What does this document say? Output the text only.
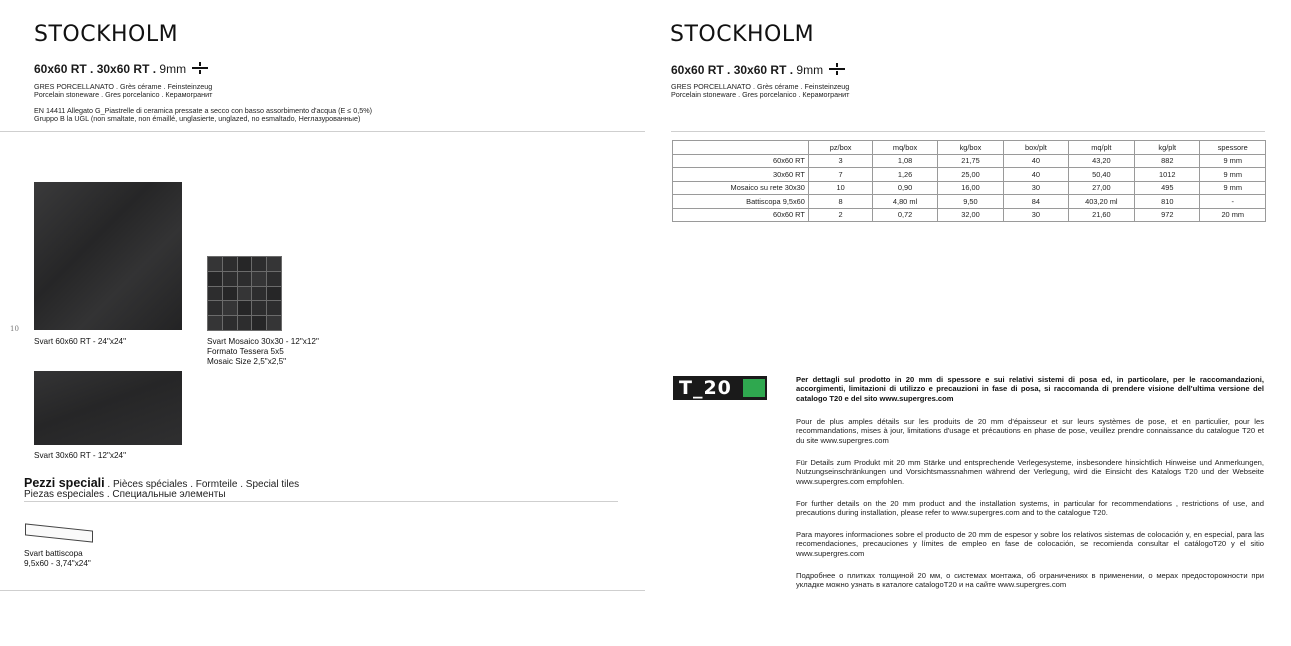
STOCKHOLM
60x60 RT . 30x60 RT . 9mm
GRES PORCELLANATO . Grès cérame . Feinsteinzeug
Porcelain stoneware . Gres porcelanico . Керамогранит
EN 14411 Allegato G_Piastrelle di ceramica pressate a secco con basso assorbimento d'acqua (E ≤ 0,5%)
Gruppo B la UGL (non smaltate, non émaillé, unglasierte, unglazed, no esmaltado, Неглазурованные)
10
Svart 60x60 RT - 24"x24"	Svart Mosaico 30x30 - 12"x12"
Formato Tessera 5x5
Mosaic Size 2,5"x2,5"
Svart 30x60 RT - 12"x24"
Pezzi speciali . Pièces spéciales . Formteile . Special tiles
Piezas especiales . Специальные элементы
Svart battiscopa
9,5x60 - 3,74"x24"
STOCKHOLM
60x60 RT . 30x60 RT . 9mm
GRES PORCELLANATO . Grès cérame . Feinsteinzeug
Porcelain stoneware . Gres porcelanico . Керамогранит
	pz/box	mq/box	kg/box	box/plt	mq/plt	kg/plt	spessore
60x60 RT	3	1,08	21,75	40	43,20	882	9 mm
30x60 RT	7	1,26	25,00	40	50,40	1012	9 mm
Mosaico su rete 30x30	10	0,90	16,00	30	27,00	495	9 mm
Battiscopa 9,5x60	8	4,80 ml	9,50	84	403,20 ml	810	-
60x60 RT	2	0,72	32,00	30	21,60	972	20 mm
T_20	Per dettagli sul prodotto in 20 mm di spessore e sui relativi sistemi di posa ed, in particolare, per le raccomandazioni, accorgimenti, limitazioni di utilizzo e precauzioni in fase di posa, si raccomanda di prendere visione dell'ultima versione del catalogo T20 e del sito www.supergres.com
Pour de plus amples détails sur les produits de 20 mm d'épaisseur et sur leurs systèmes de pose, et en particulier, pour les recommandations, mises à jour, limitations d'usage et précautions en phase de pose, veuillez prendre connaissance du catalogue T20 et du site www.supergres.com
Für Details zum Produkt mit 20 mm Stärke und entsprechende Verlegesysteme, insbesondere hinsichtlich Hinweise und Anmerkungen, Nutzungseinschränkungen und Vorsichtsmassnahmen während der Verlegung, wird die Einsicht des Katalogs T20 und der Webseite www.supergres.com empfohlen.
For further details on the 20 mm product and the installation systems, in particular for recommendations , restrictions of use, and precautions during installation, please refer to www.supergres.com and to the catalogue T20.
Para mayores informaciones sobre el producto de 20 mm de espesor y sobre los relativos sistemas de colocación y, en especial, para las recomendaciones, precauciones y límites de empleo en fase de colocación, se recomienda consultar el catálogoT20 y el sitio www.supergres.com
Подробнее о плитках толщиной 20 мм, о системах монтажа, об ограничениях в применении, о мерах предосторожности при укладке можно узнать в каталоге catalogoT20 и на сайте www.supergres.com
